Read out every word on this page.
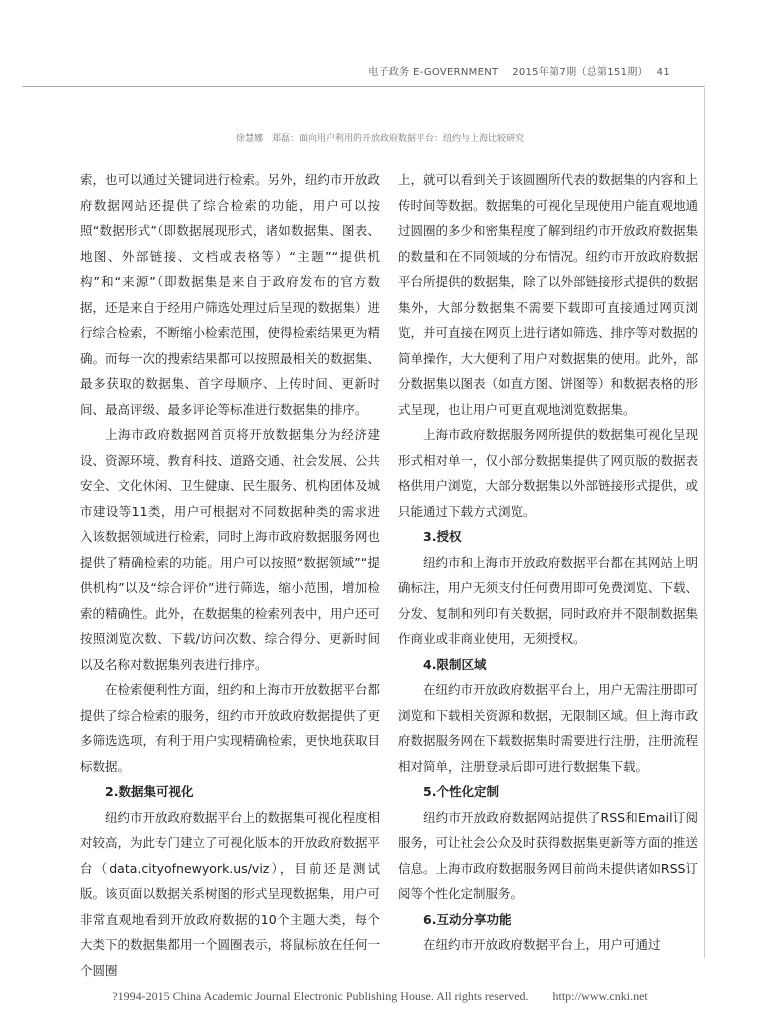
电子政务 E-GOVERNMENT　 2015年第7期（总第151期）　 41
徐慧娜　郑磊：面向用户利用的开放政府数据平台：纽约与上海比较研究

索，也可以通过关键词进行检索。另外，纽约市开放政府数据网站还提供了综合检索的功能，用户可以按照“数据形式”（即数据展现形式，诸如数据集、图表、地图、外部链接、文档或表格等）“主题”“提供机构”和“来源”（即数据集是来自于政府发布的官方数据，还是来自于经用户筛选处理过后呈现的数据集）进行综合检索，不断缩小检索范围，使得检索结果更为精确。而每一次的搜索结果都可以按照最相关的数据集、最多获取的数据集、首字母顺序、上传时间、更新时间、最高评级、最多评论等标准进行数据集的排序。

上海市政府数据网首页将开放数据集分为经济建设、资源环境、教育科技、道路交通、社会发展、公共安全、文化休闲、卫生健康、民生服务、机构团体及城市建设等11类，用户可根据对不同数据种类的需求进入该数据领域进行检索，同时上海市政府数据服务网也提供了精确检索的功能。用户可以按照“数据领域”“提供机构”以及“综合评价”进行筛选，缩小范围，增加检索的精确性。此外，在数据集的检索列表中，用户还可按照浏览次数、下载/访问次数、综合得分、更新时间以及名称对数据集列表进行排序。

在检索便利性方面，纽约和上海市开放数据平台都提供了综合检索的服务，纽约市开放政府数据提供了更多筛选选项，有利于用户实现精确检索，更快地获取目标数据。

2.数据集可视化

纽约市开放政府数据平台上的数据集可视化程度相对较高，为此专门建立了可视化版本的开放政府数据平台（data.cityofnewyork.us/viz），目前还是测试版。该页面以数据关系树图的形式呈现数据集，用户可非常直观地看到开放政府数据的10个主题大类，每个大类下的数据集都用一个圆圈表示，将鼠标放在任何一个圆圈

上，就可以看到关于该圆圈所代表的数据集的内容和上传时间等数据。数据集的可视化呈现使用户能直观地通过圆圈的多少和密集程度了解到纽约市开放政府数据集的数量和在不同领域的分布情况。纽约市开放政府数据平台所提供的数据集，除了以外部链接形式提供的数据集外，大部分数据集不需要下载即可直接通过网页浏览，并可直接在网页上进行诸如筛选、排序等对数据的简单操作，大大便利了用户对数据集的使用。此外，部分数据集以图表（如直方图、饼图等）和数据表格的形式呈现，也让用户可更直观地浏览数据集。

上海市政府数据服务网所提供的数据集可视化呈现形式相对单一，仅小部分数据集提供了网页版的数据表格供用户浏览，大部分数据集以外部链接形式提供，或只能通过下载方式浏览。

3.授权

纽约市和上海市开放政府数据平台都在其网站上明确标注，用户无须支付任何费用即可免费浏览、下载、分发、复制和列印有关数据，同时政府并不限制数据集作商业或非商业使用，无须授权。

4.限制区域

在纽约市开放政府数据平台上，用户无需注册即可浏览和下载相关资源和数据，无限制区域。但上海市政府数据服务网在下载数据集时需要进行注册，注册流程相对简单，注册登录后即可进行数据集下载。

5.个性化定制

纽约市开放政府数据网站提供了RSS和Email订阅服务，可让社会公众及时获得数据集更新等方面的推送信息。上海市政府数据服务网目前尚未提供诸如RSS订阅等个性化定制服务。

6.互动分享功能

在纽约市开放政府数据平台上，用户可通过

?1994-2015 China Academic Journal Electronic Publishing House. All rights reserved.　　http://www.cnki.net
